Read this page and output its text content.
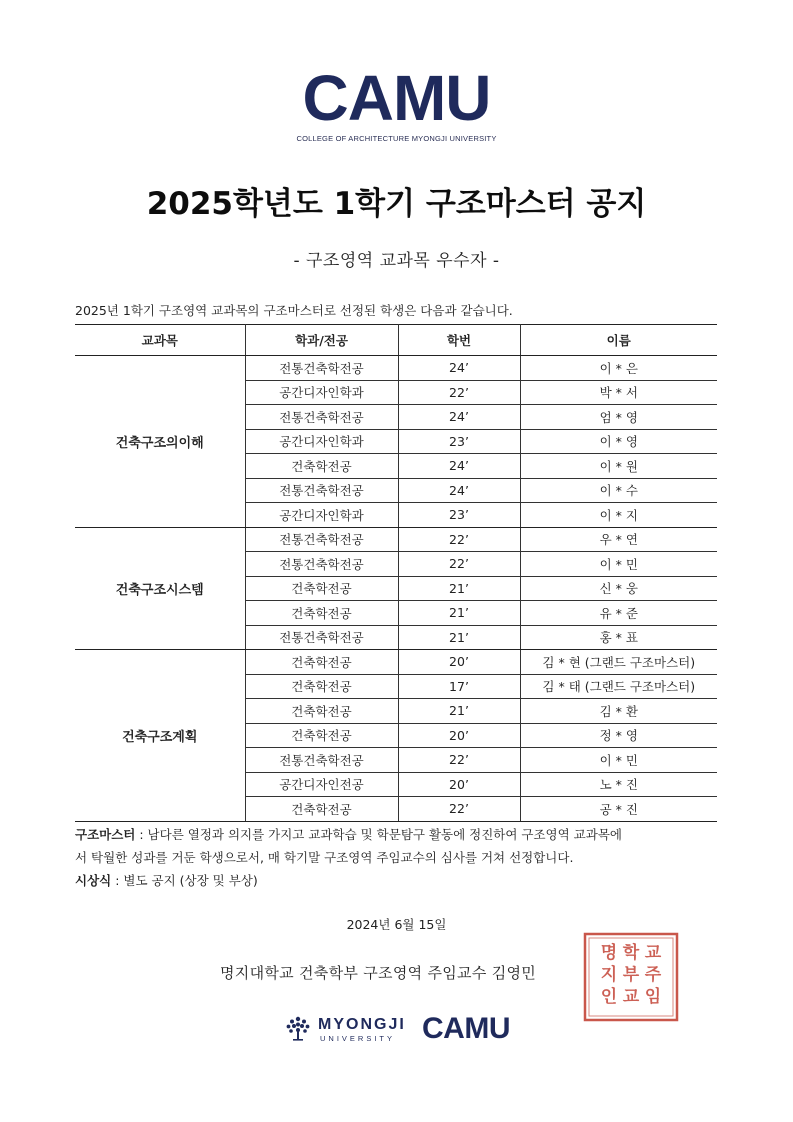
CAMU
COLLEGE OF ARCHITECTURE MYONGJI UNIVERSITY
2025학년도 1학기 구조마스터 공지
- 구조영역 교과목 우수자 -
2025년 1학기 구조영역 교과목의 구조마스터로 선정된 학생은 다음과 같습니다.
교과목	학과/전공	학번	이름
건축구조의이해	전통건축학전공	24’	이 * 은
	공간디자인학과	22’	박 * 서
	전통건축학전공	24’	엄 * 영
	공간디자인학과	23’	이 * 영
	건축학전공	24’	이 * 원
	전통건축학전공	24’	이 * 수
	공간디자인학과	23’	이 * 지
건축구조시스템	전통건축학전공	22’	우 * 연
	전통건축학전공	22’	이 * 민
	건축학전공	21’	신 * 웅
	건축학전공	21’	유 * 준
	전통건축학전공	21’	홍 * 표
건축구조계획	건축학전공	20’	김 * 현 (그랜드 구조마스터)
	건축학전공	17’	김 * 태 (그랜드 구조마스터)
	건축학전공	21’	김 * 환
	건축학전공	20’	정 * 영
	전통건축학전공	22’	이 * 민
	공간디자인전공	20’	노 * 진
	건축학전공	22’	공 * 진
구조마스터 : 남다른 열정과 의지를 가지고 교과학습 및 학문탐구 활동에 정진하여 구조영역 교과목에
서 탁월한 성과를 거둔 학생으로서, 매 학기말 구조영역 주임교수의 심사를 거쳐 선정합니다.
시상식 : 별도 공지 (상장 및 부상)
2024년 6월 15일
명지대학교 건축학부 구조영역 주임교수 김영민
교
주
임
학
부
교
명
지
인
MYONGJI
UNIVERSITY CAMU
